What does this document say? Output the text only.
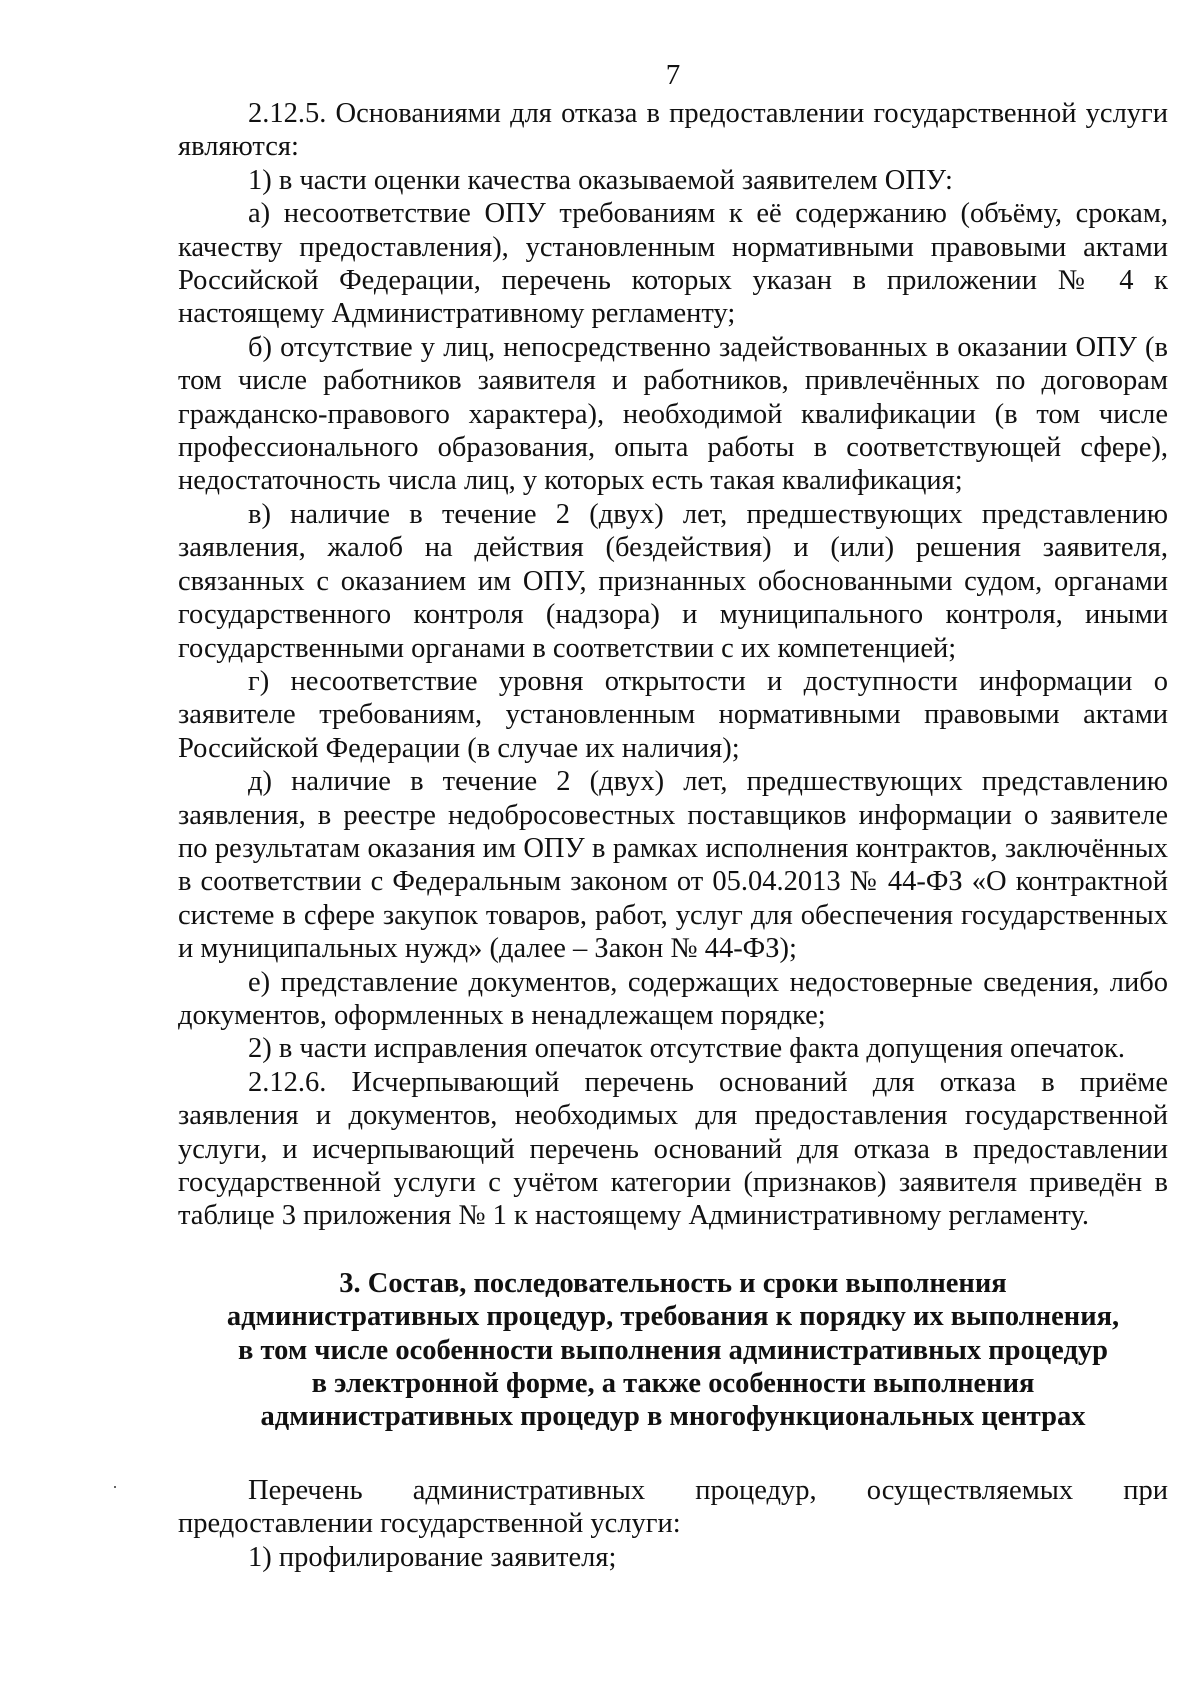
7

2.12.5. Основаниями для отказа в предоставлении государственной услуги являются:

1) в части оценки качества оказываемой заявителем ОПУ:

а) несоответствие ОПУ требованиям к её содержанию (объёму, срокам, качеству предоставления), установленным нормативными правовыми актами Российской Федерации, перечень которых указан в приложении № 4 к настоящему Административному регламенту;

б) отсутствие у лиц, непосредственно задействованных в оказании ОПУ (в том числе работников заявителя и работников, привлечённых по договорам гражданско-правового характера), необходимой квалификации (в том числе профессионального образования, опыта работы в соответствующей сфере), недостаточность числа лиц, у которых есть такая квалификация;

в) наличие в течение 2 (двух) лет, предшествующих представлению заявления, жалоб на действия (бездействия) и (или) решения заявителя, связанных с оказанием им ОПУ, признанных обоснованными судом, органами государственного контроля (надзора) и муниципального контроля, иными государственными органами в соответствии с их компетенцией;

г) несоответствие уровня открытости и доступности информации о заявителе требованиям, установленным нормативными правовыми актами Российской Федерации (в случае их наличия);

д) наличие в течение 2 (двух) лет, предшествующих представлению заявления, в реестре недобросовестных поставщиков информации о заявителе по результатам оказания им ОПУ в рамках исполнения контрактов, заключённых в соответствии с Федеральным законом от 05.04.2013 № 44-ФЗ «О контрактной системе в сфере закупок товаров, работ, услуг для обеспечения государственных и муниципальных нужд» (далее – Закон № 44-ФЗ);

е) представление документов, содержащих недостоверные сведения, либо документов, оформленных в ненадлежащем порядке;

2) в части исправления опечаток отсутствие факта допущения опечаток.

2.12.6. Исчерпывающий перечень оснований для отказа в приёме заявления и документов, необходимых для предоставления государственной услуги, и исчерпывающий перечень оснований для отказа в предоставлении государственной услуги с учётом категории (признаков) заявителя приведён в таблице 3 приложения № 1 к настоящему Административному регламенту.

3. Состав, последовательность и сроки выполнения
административных процедур, требования к порядку их выполнения,
в том числе особенности выполнения административных процедур
в электронной форме, а также особенности выполнения
административных процедур в многофункциональных центрах

Перечень административных процедур, осуществляемых при предоставлении государственной услуги:

1) профилирование заявителя;
